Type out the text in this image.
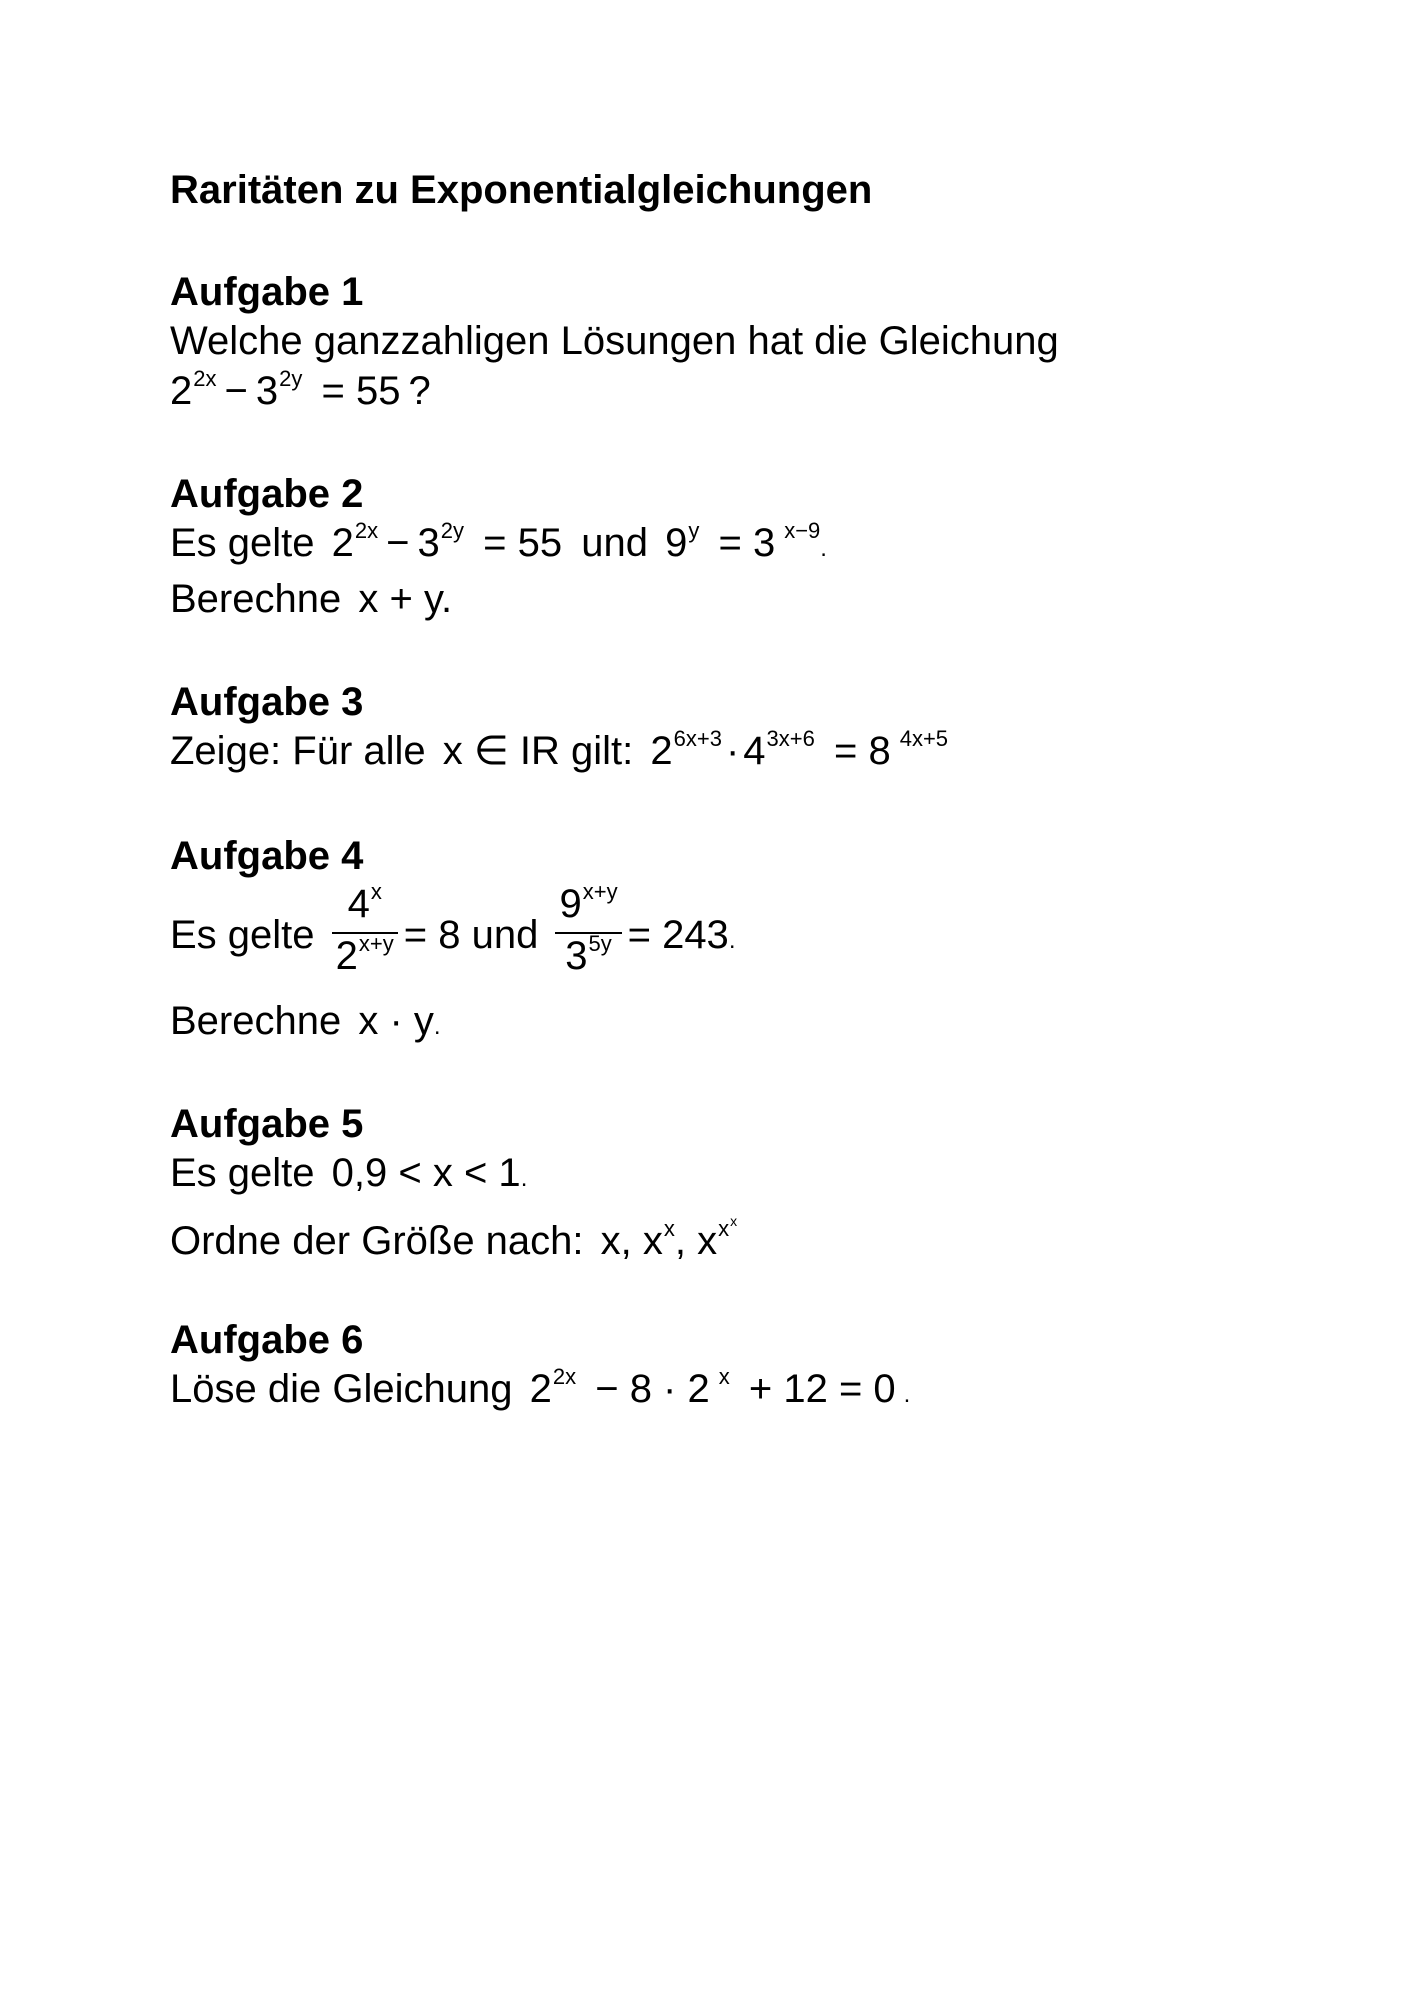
Raritäten zu Exponentialgleichungen
Aufgabe 1
Welche ganzzahligen Lösungen hat die Gleichung
$2^{2x} - 3^{2y} = 55$ ?
Aufgabe 2
Es gelte $2^{2x} - 3^{2y} = 55$ und $9^y = 3$ $^{x-9}$.
Berechne x + y.
Aufgabe 3
Zeige: Für alle x ∈ IR gilt: $2^{6x+3} \cdot 4^{3x+6} = 8$ $^{4x+5}$
Aufgabe 4
Es gelte $\frac{4^x}{2^{x+y}} = 8$ und $\frac{9^{x+y}}{3^{5y}} = 243$.
Berechne x · y.
Aufgabe 5
Es gelte 0,9 < x < 1.
Ordne der Größe nach: x, $x^x$, $x^{x^x}$
Aufgabe 6
Löse die Gleichung $2^{2x} - 8 \cdot 2$ $^x$ + 12 = 0 .
